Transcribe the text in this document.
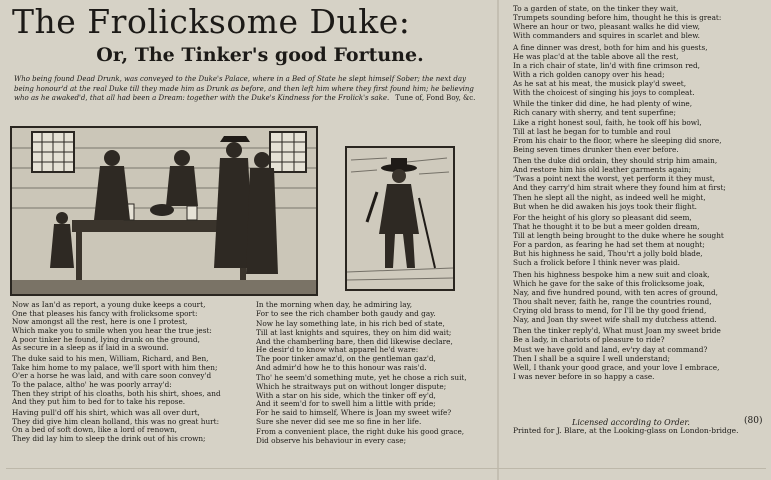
The Frolicksome Duke:
Or, The Tinker's good Fortune.
Who being found Dead Drunk, was conveyed to the Duke's Palace, where in a Bed of State he slept himself Sober; the next day being honour'd at the real Duke till they made him as Drunk as before, and then left him where they first found him; he believing who as he awaked'd, that all had been a Dream: together with the Duke's Kindness for the Frolick's sake. Tune of, Fond Boy, &c.

Now as Ian'd as report, a young duke keeps a court,

One that pleases his fancy with frolicksome sport:

Now amongst all the rest, here is one I protest,

Which make you to smile when you hear the true jest:

A poor tinker he found, lying drunk on the ground,

As secure in a sleep as if laid in a swound.

The duke said to his men, William, Richard, and Ben,

Take him home to my palace, we'll sport with him then;

O'er a horse he was laid, and with care soon convey'd

To the palace, altho' he was poorly array'd:

Then they stript of his cloaths, both his shirt, shoes, and

And they put him to bed for to take his repose.

Having pull'd off his shirt, which was all over durt,

They did give him clean holland, this was no great hurt:

On a bed of soft down, like a lord of renown,

They did lay him to sleep the drink out of his crown;

In the morning when day, he admiring lay,

For to see the rich chamber both gaudy and gay.

Now he lay something late, in his rich bed of state,

Till at last knights and squires, they on him did wait;

And the chamberling bare, then did likewise declare,

He desir'd to know what apparel he'd ware:

The poor tinker amaz'd, on the gentleman gaz'd,

And admir'd how he to this honour was rais'd.

Tho' he seem'd something mute, yet he chose a rich suit,

Which he straitways put on without longer dispute;

With a star on his side, which the tinker off ey'd,

And it seem'd for to swell him a little with pride;

For he said to himself, Where is Joan my sweet wife?

Sure she never did see me so fine in her life.

From a convenient place, the right duke his good grace,

Did observe his behaviour in every case;

To a garden of state, on the tinker they wait,

Trumpets sounding before him, thought he this is great:

Where an hour or two, pleasant walks he did view,

With commanders and squires in scarlet and blew.

A fine dinner was drest, both for him and his guests,

He was plac'd at the table above all the rest,

In a rich chair of state, lin'd with fine crimson red,

With a rich golden canopy over his head;

As he sat at his meat, the musick play'd sweet,

With the choicest of singing his joys to compleat.

While the tinker did dine, he had plenty of wine,

Rich canary with sherry, and tent superfine;

Like a right honest soul, faith, he took off his bowl,

Till at last he began for to tumble and roul

From his chair to the floor, where he sleeping did snore,

Being seven times drunker then ever before.

Then the duke did ordain, they should strip him amain,

And restore him his old leather garments again;

'Twas a point next the worst, yet perform it they must,

And they carry'd him strait where they found him at first;

Then he slept all the night, as indeed well he might,

But when he did awaken his joys took their flight.

For the height of his glory so pleasant did seem,

That he thought it to be but a meer golden dream,

Till at length being brought to the duke where he sought

For a pardon, as fearing he had set them at nought;

But his highness he said, Thou'rt a jolly bold blade,

Such a frolick before I think never was plaid.

Then his highness bespoke him a new suit and cloak,

Which he gave for the sake of this frolicksome joak,

Nay, and five hundred pound, with ten acres of ground,

Thou shalt never, faith he, range the countries round,

Crying old brass to mend, for I'll be thy good friend,

Nay, and Joan thy sweet wife shall my dutchess attend.

Then the tinker reply'd, What must Joan my sweet bride

Be a lady, in chariots of pleasure to ride?

Must we have gold and land, ev'ry day at command?

Then I shall be a squire I well understand;

Well, I thank your good grace, and your love I embrace,

I was never before in so happy a case.

(80)
Licensed according to Order.
Printed for J. Blare, at the Looking-glass on London-bridge.
